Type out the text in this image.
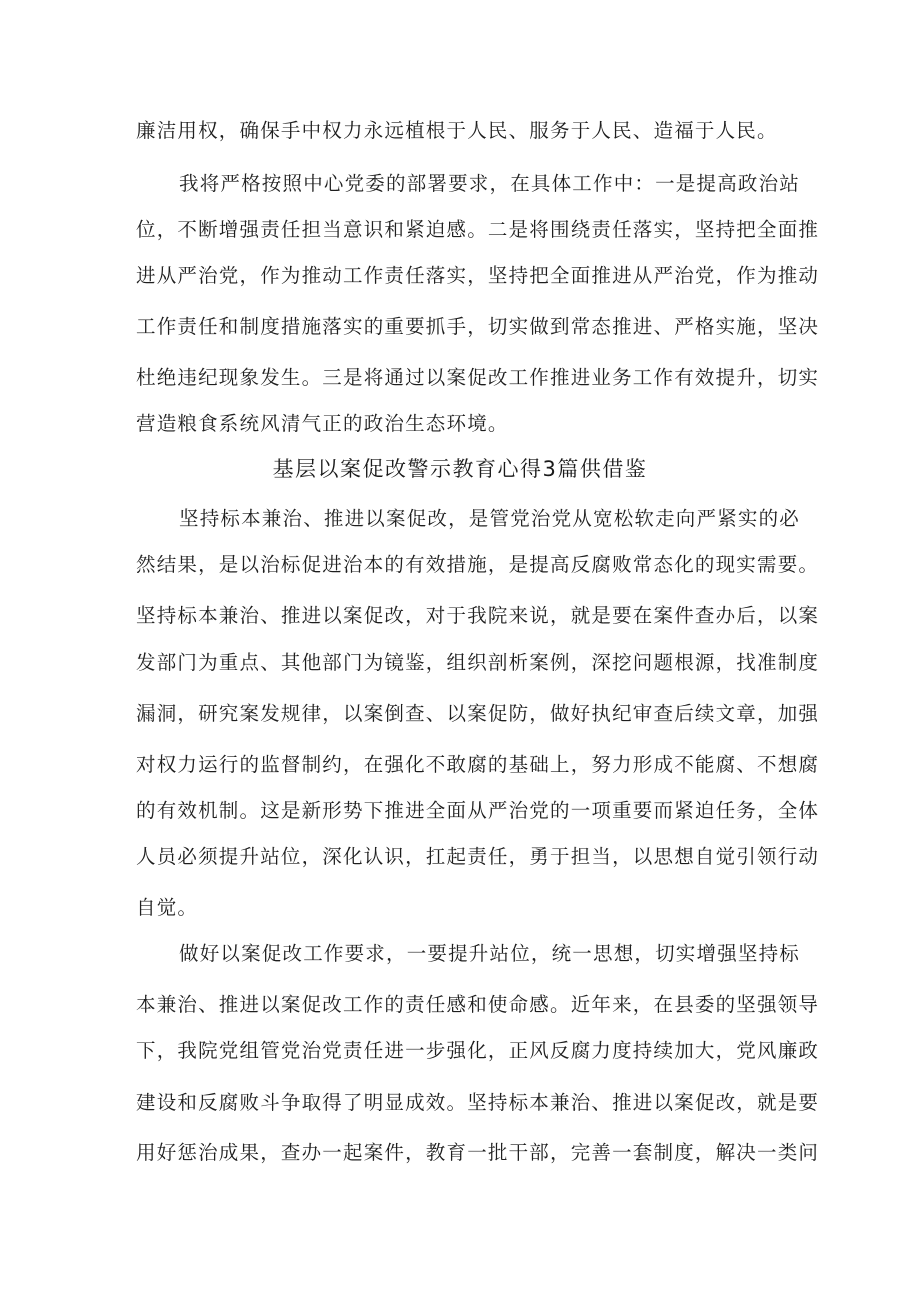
廉洁用权，确保手中权力永远植根于人民、服务于人民、造福于人民。
我将严格按照中心党委的部署要求，在具体工作中：一是提高政治站
位，不断增强责任担当意识和紧迫感。二是将围绕责任落实，坚持把全面推
进从严治党，作为推动工作责任落实，坚持把全面推进从严治党，作为推动
工作责任和制度措施落实的重要抓手，切实做到常态推进、严格实施，坚决
杜绝违纪现象发生。三是将通过以案促改工作推进业务工作有效提升，切实
营造粮食系统风清气正的政治生态环境。
基层以案促改警示教育心得3篇供借鉴
坚持标本兼治、推进以案促改，是管党治党从宽松软走向严紧实的必
然结果，是以治标促进治本的有效措施，是提高反腐败常态化的现实需要。
坚持标本兼治、推进以案促改，对于我院来说，就是要在案件查办后，以案
发部门为重点、其他部门为镜鉴，组织剖析案例，深挖问题根源，找准制度
漏洞，研究案发规律，以案倒查、以案促防，做好执纪审查后续文章，加强
对权力运行的监督制约，在强化不敢腐的基础上，努力形成不能腐、不想腐
的有效机制。这是新形势下推进全面从严治党的一项重要而紧迫任务，全体
人员必须提升站位，深化认识，扛起责任，勇于担当，以思想自觉引领行动
自觉。
做好以案促改工作要求，一要提升站位，统一思想，切实增强坚持标
本兼治、推进以案促改工作的责任感和使命感。近年来，在县委的坚强领导
下，我院党组管党治党责任进一步强化，正风反腐力度持续加大，党风廉政
建设和反腐败斗争取得了明显成效。坚持标本兼治、推进以案促改，就是要
用好惩治成果，查办一起案件，教育一批干部，完善一套制度，解决一类问
